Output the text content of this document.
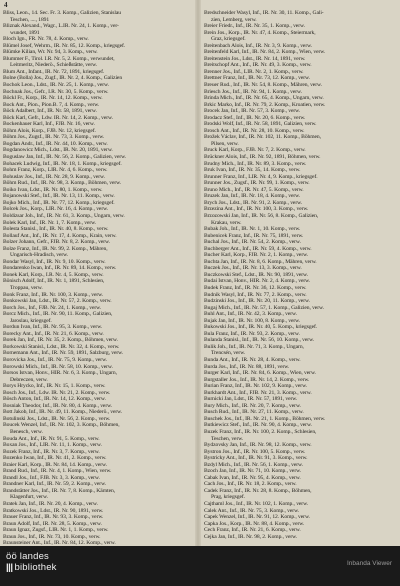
4
Bliss, Leon., 14. Sec. Fr. 3. Komp., Galizien, Stanislau
Teschen, ...., 1891
Bliznak Alexand., Wagr., L.IR. Nr. 24, 1. Komp., ver-
wundet, 1891
Bloch Ign., FR. Nr. 78, 4. Komp., verw.
Blümel Josef, Wehrm., IR. Nr. 85, 12. Komp., kriegsgef.
Blümke Kilian, Wr. Nr. 94, 3. Komp., verw.
Blummer F., Tirol. I.R. Nr. 5, 2. Komp., verwundet,
Leitmeritz, Niederö., Schießstätte, verw.
Blum Ant., Infant., IR. Nr. 72, 1891, kriegsgef.
Bolne (Bolla) Jos., Zugf., IR. Nr. 2, 4. Komp., Galizien
Bochok Leon., Ldst., IR. Nr. 25, 1. Komp., verw.
Bochnak Jos., Gefr., I.R. Nr. 30, 5. Komp., verw.
Böckl Fr., Korp., IR. Nr. 14, 12. Komp., verw.
Bock Ant., Pion., Pion.B. 7, 4. Komp., verw.
Böck Adalbert, Inf., IR. Nr. 58, 1891, verw.
Böck Karl, Gefr., Ldw. IR. Nr. 14, 2. Komp., verw.
Bockenhauer Karl, Inf., FJB. Nr. 16, verw.
Böhm Alois, Korp., FJB. Nr. 12, kriegsgef.
Böhm Jos., Zugsf., IR. Nr. 73, 3. Komp., verw.
Bogdan Andr., Inf., IR. Nr. 44, 10. Komp., verw.
Bogdanowicz Mich., Ldst., IR. Nr. 20, 1891, verw.
Boguslaw Jan, Inf., IR. Nr. 56, 2. Komp., Galizien, verw.
Bohacek Ludwig, Inf., IR. Nr. 18, 1. Komp., kriegsgef.
Bohm Franz, Korp., LIR. Nr. 4, 6. Komp., verw.
Bohuslav Jos., Inf., IR. Nr. 28, 9. Komp., verw.
Böhm Rud., Inf., IR. Nr. 98, 3. Komp., Böhmen, verw.
Boiko Ivan, Ldst., IR. Nr. 80, 1. Komp., verw.
Bojanowski Stef., Inf., IR. Nr. 13, 11. Komp., verw.
Bojko Mich., Inf., IR. Nr. 77, 12. Komp., kriegsgef.
Bolcek Jos., Korp., LIR. Nr. 16, 4. Komp., verw.
Boldizsar Joh., Inf., IR. Nr. 61, 3. Komp., Ungarn, verw.
Bolek Karl, Inf., IR. Nr. 1, 7. Komp., verw.
Bolesta Stanisl., Inf., IR. Nr. 40, 8. Komp., verw.
Bollauf Ant., Inf., IR. Nr. 17, 4. Komp., Krain, verw.
Bolzer Johann, Gefr., FJB. Nr. 8, 2. Komp., verw.
Bolze Franz, Inf., IR. Nr. 99, 2. Komp., Mähren,
Ungarisch-Hradisch, verw.
Bondar Wasyl, Inf., IR. Nr. 9, 10. Komp., verw.
Bondarenko Iwan, Inf., IR. Nr. 89, 14. Komp., verw.
Bonek Karl, Korp., I.R. Nr. 4, 5. Komp., verw.
Bönisch Adolf, Inf., IR. Nr. 1, 1891, Schlesien,
Troppau, verw.
Bonk Franz, Inf., IR. Nr. 100, 3. Komp., verw.
Bonkowski Jan, Ldst., IR. Nr. 57, 2. Komp., verw.
Borch Jos., Inf., FJB. Nr. 24, 1. Komp., verw.
Borcz Mich., Inf., IR. Nr. 90, 11. Komp., Galizien,
Jaroslau, kriegsgef.
Bordun Ivan, Inf., IR. Nr. 95, 3. Komp., verw.
Borecky Ant., Inf., IR. Nr. 21, 6. Komp., verw.
Borek Jan, Inf., IR. Nr. 35, 2. Komp., Böhmen, verw.
Borkowski Stanisl., Ldst., IR. Nr. 32, 4. Komp., verw.
Bornemann Ant., Inf., IR. Nr. 59, 1891, Salzburg, verw.
Borovicka Jos., Inf., IR. Nr. 75, 9. Komp., verw.
Borowski Mich., Inf., IR. Nr. 58, 10. Komp., verw.
Borsos Istvan, Honv., HIR. Nr. 6, 3. Komp., Ungarn,
Debreczen, verw.
Borys Hrycko, Inf., IR. Nr. 15, 1. Komp., verw.
Bosch Jos., Inf., Ldw. IR. Nr. 21, 2. Komp., verw.
Bösch Anton, Inf., IR. Nr. 14, 12. Komp., verw.
Bosniak Theodor, Inf., IR. Nr. 80, 4. Komp., verw.
Bott Jakob, Inf., IR. Nr. 49, 11. Komp., Niederö., verw.
Botulinski Jos., Ldst., IR. Nr. 56, 2. Komp., verw.
Boucek Wenzel, Inf., IR. Nr. 102, 3. Komp., Böhmen,
Benesch, verw.
Bouda Ant., Inf., IR. Nr. 91, 5. Komp., verw.
Boxan Jos., Inf., LIR. Nr. 11, 1. Komp., verw.
Bozek Franz, Inf., IR. Nr. 3, 7. Komp., verw.
Bozenko Iwan, Inf., IR. Nr. 41, 2. Komp., verw.
Braier Karl, Korp., IR. Nr. 84, 14. Komp., verw.
Brand Rud., Inf., IR. Nr. 4, 1. Komp., Wien, verw.
Brandl Jos., Inf., FJB. Nr. 3, 3. Komp., verw.
Brandner Karl, Inf., IR. Nr. 59, 2. Komp., verw.
Brandstätter Jos., Inf., IR. Nr. 7, 8. Komp., Kärnten,
Klagenfurt, verw.
Bratek Jan, Inf., IR. Nr. 20, 4. Komp., verw.
Bratkowski Jos., Ldst., IR. Nr. 90, 1891, verw.
Brauer Franz, Inf., IR. Nr. 93, 3. Komp., verw.
Braun Adolf, Inf., IR. Nr. 28, 5. Komp., verw.
Braun Ignaz, Zugsf., LIR. Nr. 1, 1. Komp., verw.
Braun Jos., Inf., IR. Nr. 73, 10. Komp., verw.
Braunsteiner Ant., Inf., IR. Nr. 84, 12. Komp., verw.
Bredschneider Wasyl, Inf., IR. Nr. 30, 11. Komp., Gali-
zien, Lemberg, verw.
Breier Friedr., Inf., IR. Nr. 35, 1. Komp., verw.
Brein Jos., Korp., IR. Nr. 47, 4. Komp., Steiermark,
Graz, kriegsgef.
Breitenbach Alois, Inf., IR. Nr. 3, 9. Komp., verw.
Breitenfeld Karl, Inf., IR. Nr. 84, 2. Komp., Wien, verw.
Breitenstein Jos., Ldst., IR. Nr. 14, 1891, verw.
Breitschopf Ant., Inf., IR. Nr. 49, 3. Komp., verw.
Brenner Jos., Inf., LIR. Nr. 2, 1. Komp., verw.
Brettner Franz, Inf., IR. Nr. 73, 12. Komp., verw.
Breuer Rud., Inf., IR. Nr. 54, 8. Komp., Mähren, verw.
Briesch Jos., Inf., IR. Nr. 94, 1. Komp., verw.
Brinda Mich., Inf., IR. Nr. 65, 4. Komp., Ungarn, verw.
Brkic Marko, Inf., IR. Nr. 79, 2. Komp., Kroatien, verw.
Brocek Jan, Inf., IR. Nr. 57, 3. Komp., verw.
Brodacz Stef., Inf., IR. Nr. 20, 6. Komp., verw.
Brodski Wolf, Inf., IR. Nr. 58, 1891, Galizien, verw.
Brosch Ant., Inf., IR. Nr. 28, 10. Komp., verw.
Brožek Václav, Inf., IR. Nr. 102, 11. Komp., Böhmen,
Pilsen, verw.
Bruck Karl, Korp., FJB. Nr. 7, 2. Komp., verw.
Brückner Alois, Inf., IR. Nr. 92, 1891, Böhmen, verw.
Brudny Mich., Inf., IR. Nr. 89, 3. Komp., verw.
Bruk Ivan, Inf., IR. Nr. 35, 14. Komp., verw.
Brunner Franz, Inf., LIR. Nr. 4, 9. Komp., kriegsgef.
Brunner Jos., Zugsf., IR. Nr. 99, 1. Komp., verw.
Bruno Mich., Inf., IR. Nr. 47, 5. Komp., verw.
Bruzek Jan, Inf., IR. Nr. 18, 4. Komp., verw.
Brych Jos., Ldst., IR. Nr. 91, 2. Komp., verw.
Brzezina Ant., Inf., IR. Nr. 100, 3. Komp., verw.
Brzozowski Jan, Inf., IR. Nr. 56, 8. Komp., Galizien,
Krakau, verw.
Bubak Joh., Inf., IR. Nr. 1, 10. Komp., verw.
Bubenicek Franz, Inf., IR. Nr. 75, 1891, verw.
Buchal Jos., Inf., IR. Nr. 54, 2. Komp., verw.
Buchberger Ant., Inf., IR. Nr. 59, 4. Komp., verw.
Bucher Karl, Korp., FJB. Nr. 2, 1. Komp., verw.
Buchta Jan, Inf., IR. Nr. 8, 6. Komp., Mähren, verw.
Buczek Jos., Inf., IR. Nr. 13, 3. Komp., verw.
Buczkowski Stef., Ldst., IR. Nr. 90, 1891, verw.
Budai Istvan, Honv., HIR. Nr. 2, 4. Komp., verw.
Budek Franz, Inf., IR. Nr. 36, 12. Komp., verw.
Budnik Wasyl, Inf., IR. Nr. 77, 2. Komp., verw.
Budzinski Jos., Inf., IR. Nr. 20, 11. Komp., verw.
Bugaj Mich., Inf., IR. Nr. 57, 1. Komp., Galizien, verw.
Buhl Ant., Inf., IR. Nr. 42, 3. Komp., verw.
Bujak Jan, Inf., IR. Nr. 100, 8. Komp., verw.
Bukowski Jos., Inf., IR. Nr. 40, 5. Komp., kriegsgef.
Bula Franz, Inf., IR. Nr. 93, 2. Komp., verw.
Bulanda Stanisl., Inf., IR. Nr. 56, 10. Komp., verw.
Bulik Joh., Inf., IR. Nr. 71, 3. Komp., Ungarn,
Trencsén, verw.
Bunda Ant., Inf., IR. Nr. 28, 4. Komp., verw.
Burda Jos., Inf., IR. Nr. 88, 1891, verw.
Burger Karl, Inf., IR. Nr. 84, 6. Komp., Wien, verw.
Burgstaller Jos., Inf., IR. Nr. 14, 2. Komp., verw.
Burian Franz, Inf., IR. Nr. 102, 9. Komp., verw.
Burkhardt Ant., Inf., FJB. Nr. 21, 3. Komp., verw.
Burnicki Jan, Ldst., IR. Nr. 57, 1891, verw.
Bury Mich., Inf., IR. Nr. 20, 7. Komp., verw.
Busch Rud., Inf., IR. Nr. 27, 11. Komp., verw.
Buschek Jos., Inf., IR. Nr. 21, 1. Komp., Böhmen, verw.
Butkiewicz Stef., Inf., IR. Nr. 90, 4. Komp., verw.
Buzek Franz, Inf., IR. Nr. 100, 2. Komp., Schlesien,
Teschen, verw.
Bydzovsky Jan, Inf., IR. Nr. 98, 12. Komp., verw.
Bystron Jos., Inf., IR. Nr. 100, 5. Komp., verw.
Bystricky Ant., Inf., IR. Nr. 91, 3. Komp., verw.
Bzdyl Mich., Inf., IR. Nr. 56, 1. Komp., verw.
Bzoch Jan, Inf., IR. Nr. 71, 10. Komp., verw.
Cabak Ivan, Inf., IR. Nr. 95, 4. Komp., verw.
Cach Jos., Inf., IR. Nr. 18, 2. Komp., verw.
Cadek Franz, Inf., IR. Nr. 28, 8. Komp., Böhmen,
Prag, kriegsgef.
Cajthaml Jos., Inf., IR. Nr. 102, 1. Komp., verw.
Calek Ant., Inf., IR. Nr. 75, 3. Komp., verw.
Capek Wenzel, Inf., IR. Nr. 91, 12. Komp., verw.
Capka Jos., Korp., IR. Nr. 88, 4. Komp., verw.
Cech Franz, Inf., IR. Nr. 21, 6. Komp., verw.
Cejka Jan, Inf., IR. Nr. 98, 2. Komp., verw.
öö landes
||| bibliothek	Inbanda Viewer
